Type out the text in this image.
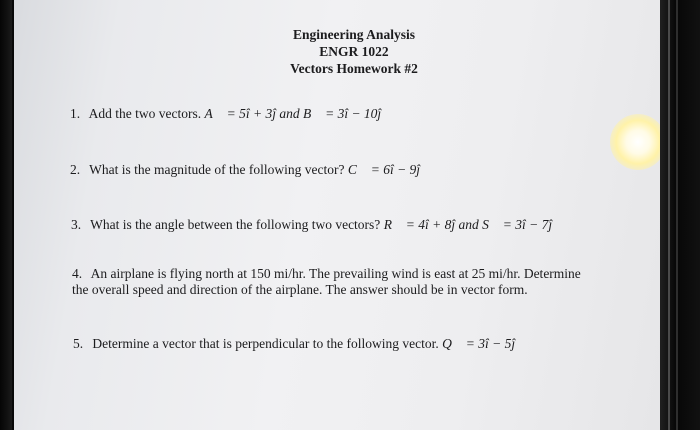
Engineering Analysis
ENGR 1022
Vectors Homework #2
1. Add the two vectors. A⃗ = 5î + 3ĵ and B⃗ = 3î − 10ĵ
2. What is the magnitude of the following vector? C⃗ = 6î − 9ĵ
3. What is the angle between the following two vectors? R⃗ = 4î + 8ĵ and S⃗ = 3î − 7ĵ
4. An airplane is flying north at 150 mi/hr. The prevailing wind is east at 25 mi/hr. Determine
the overall speed and direction of the airplane. The answer should be in vector form.
5. Determine a vector that is perpendicular to the following vector. Q⃗ = 3î − 5ĵ
